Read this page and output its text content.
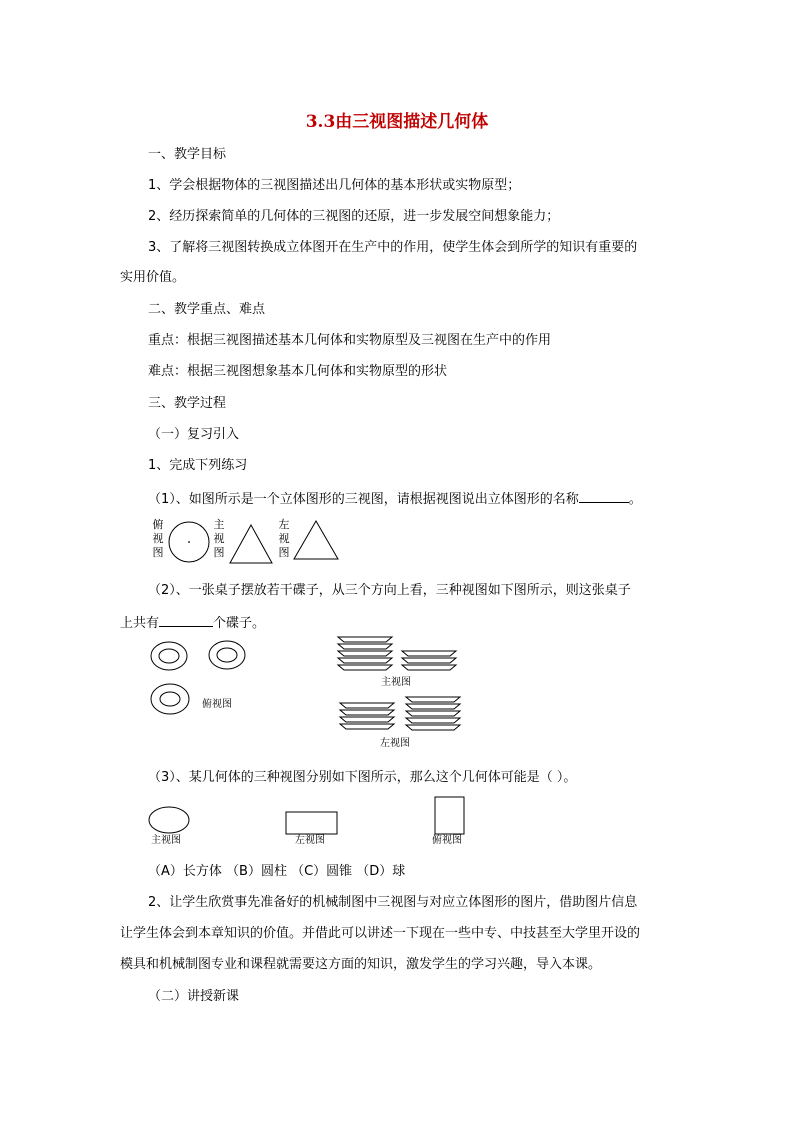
3.3由三视图描述几何体
一、教学目标
1、学会根据物体的三视图描述出几何体的基本形状或实物原型；
2、经历探索简单的几何体的三视图的还原，进一步发展空间想象能力；
3、了解将三视图转换成立体图开在生产中的作用，使学生体会到所学的知识有重要的
实用价值。
二、教学重点、难点
重点：根据三视图描述基本几何体和实物原型及三视图在生产中的作用
难点：根据三视图想象基本几何体和实物原型的形状
三、教学过程
（一）复习引入
1、完成下列练习
（1）、如图所示是一个立体图形的三视图，请根据视图说出立体图形的名称	。
俯视图
主视图
左视图
（2）、一张桌子摆放若干碟子，从三个方向上看，三种视图如下图所示，则这张桌子
上共有	个碟子。
俯视图
主视图
左视图
（3）、某几何体的三种视图分别如下图所示，那么这个几何体可能是（ ）。
主视图	左视图	俯视图
（A）长方体 （B）圆柱 （C）圆锥 （D）球
2、让学生欣赏事先准备好的机械制图中三视图与对应立体图形的图片，借助图片信息
让学生体会到本章知识的价值。并借此可以讲述一下现在一些中专、中技甚至大学里开设的
模具和机械制图专业和课程就需要这方面的知识，激发学生的学习兴趣，导入本课。
（二）讲授新课
